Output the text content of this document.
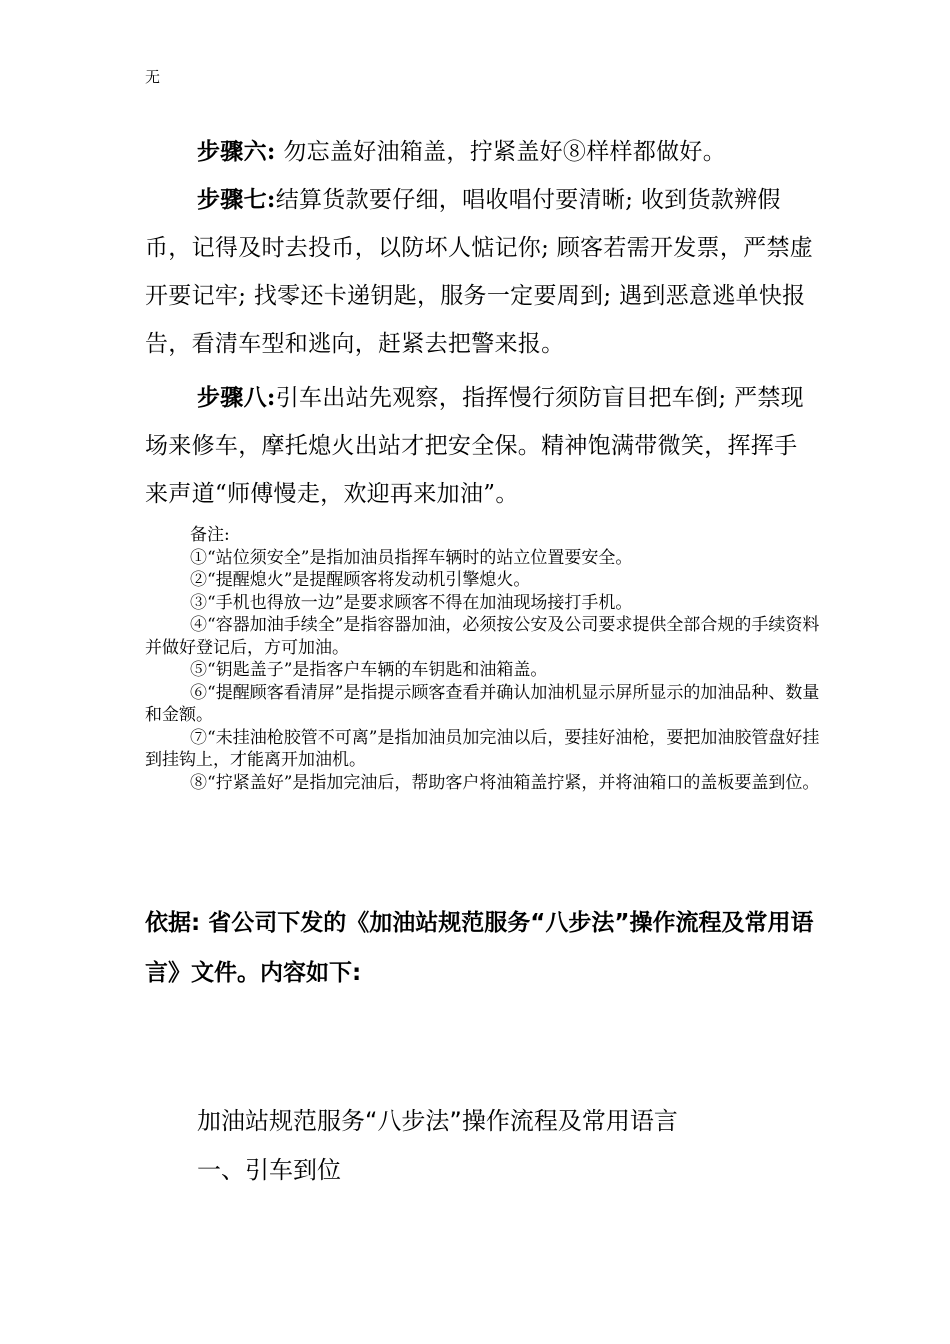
无
步骤六: 勿忘盖好油箱盖，拧紧盖好⑧样样都做好。
步骤七:结算货款要仔细，唱收唱付要清晰; 收到货款辨假币，记得及时去投币，以防坏人惦记你; 顾客若需开发票，严禁虚开要记牢; 找零还卡递钥匙，服务一定要周到; 遇到恶意逃单快报告，看清车型和逃向，赶紧去把警来报。
步骤八:引车出站先观察，指挥慢行须防盲目把车倒; 严禁现场来修车，摩托熄火出站才把安全保。精神饱满带微笑，挥挥手来声道“师傅慢走，欢迎再来加油”。

备注:

①“站位须安全”是指加油员指挥车辆时的站立位置要安全。

②“提醒熄火”是提醒顾客将发动机引擎熄火。

③“手机也得放一边”是要求顾客不得在加油现场接打手机。

④“容器加油手续全”是指容器加油，必须按公安及公司要求提供全部合规的手续资料并做好登记后，方可加油。

⑤“钥匙盖子”是指客户车辆的车钥匙和油箱盖。

⑥“提醒顾客看清屏”是指提示顾客查看并确认加油机显示屏所显示的加油品种、数量和金额。

⑦“未挂油枪胶管不可离”是指加油员加完油以后，要挂好油枪，要把加油胶管盘好挂到挂钩上，才能离开加油机。

⑧“拧紧盖好”是指加完油后，帮助客户将油箱盖拧紧，并将油箱口的盖板要盖到位。

依据: 省公司下发的《加油站规范服务“八步法”操作流程及常用语言》文件。内容如下:
加油站规范服务“八步法”操作流程及常用语言
一、引车到位
